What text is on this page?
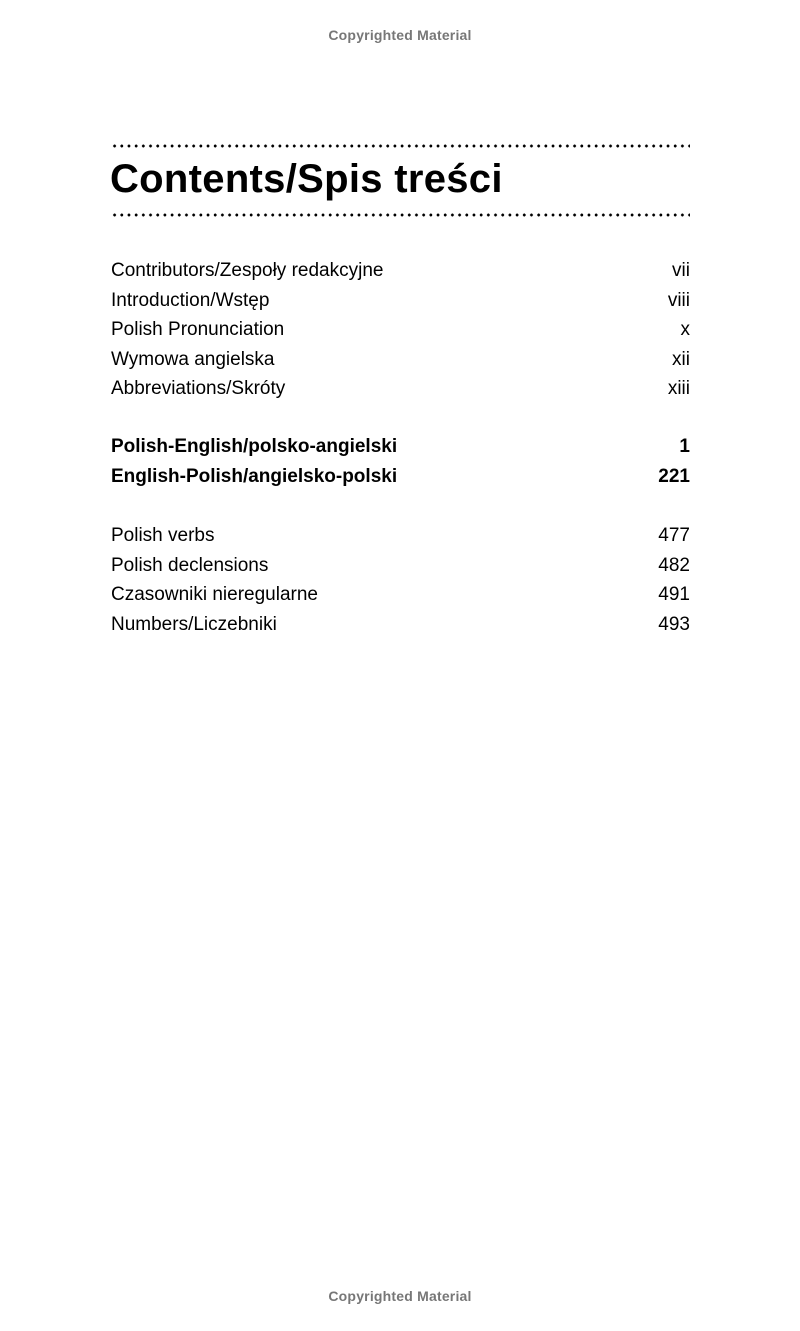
Copyrighted Material
Contents/Spis treści
Contributors/Zespoły redakcyjne	vii
Introduction/Wstęp	viii
Polish Pronunciation	x
Wymowa angielska	xii
Abbreviations/Skróty	xiii
Polish-English/polsko-angielski	1
English-Polish/angielsko-polski	221
Polish verbs	477
Polish declensions	482
Czasowniki nieregularne	491
Numbers/Liczebniki	493
Copyrighted Material
